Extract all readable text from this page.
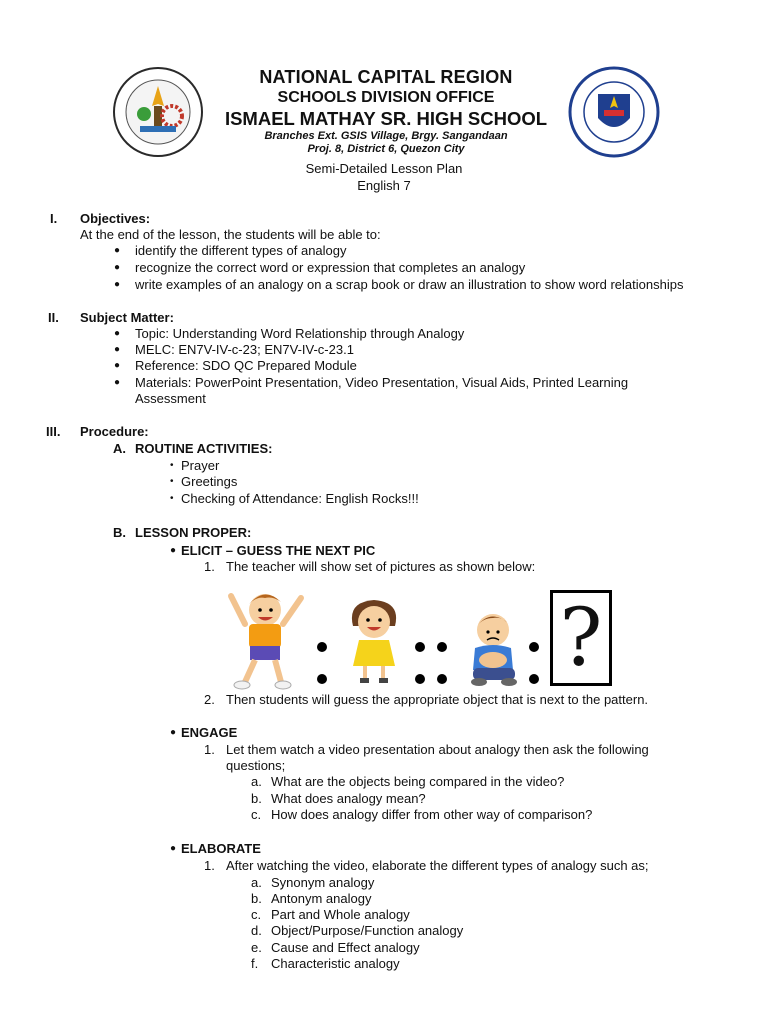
NATIONAL CAPITAL REGION
SCHOOLS DIVISION OFFICE
ISMAEL MATHAY SR. HIGH SCHOOL
Branches Ext. GSIS Village, Brgy. Sangandaan
Proj. 8, District 6, Quezon City
Semi-Detailed Lesson Plan
English 7
I. Objectives:
At the end of the lesson, the students will be able to:
● identify the different types of analogy
● recognize the correct word or expression that completes an analogy
● write examples of an analogy on a scrap book or draw an illustration to show word relationships
II. Subject Matter:
● Topic: Understanding Word Relationship through Analogy
● MELC: EN7V-IV-c-23; EN7V-IV-c-23.1
● Reference: SDO QC Prepared Module
● Materials: PowerPoint Presentation, Video Presentation, Visual Aids, Printed Learning
Assessment
III. Procedure:
A. ROUTINE ACTIVITIES:
• Prayer
• Greetings
• Checking of Attendance: English Rocks!!!
B. LESSON PROPER:
● ELICIT – GUESS THE NEXT PIC
1. The teacher will show set of pictures as shown below:
?
2. Then students will guess the appropriate object that is next to the pattern.
● ENGAGE
1. Let them watch a video presentation about analogy then ask the following
questions;
a. What are the objects being compared in the video?
b. What does analogy mean?
c. How does analogy differ from other way of comparison?
● ELABORATE
1. After watching the video, elaborate the different types of analogy such as;
a. Synonym analogy
b. Antonym analogy
c. Part and Whole analogy
d. Object/Purpose/Function analogy
e. Cause and Effect analogy
f. Characteristic analogy
